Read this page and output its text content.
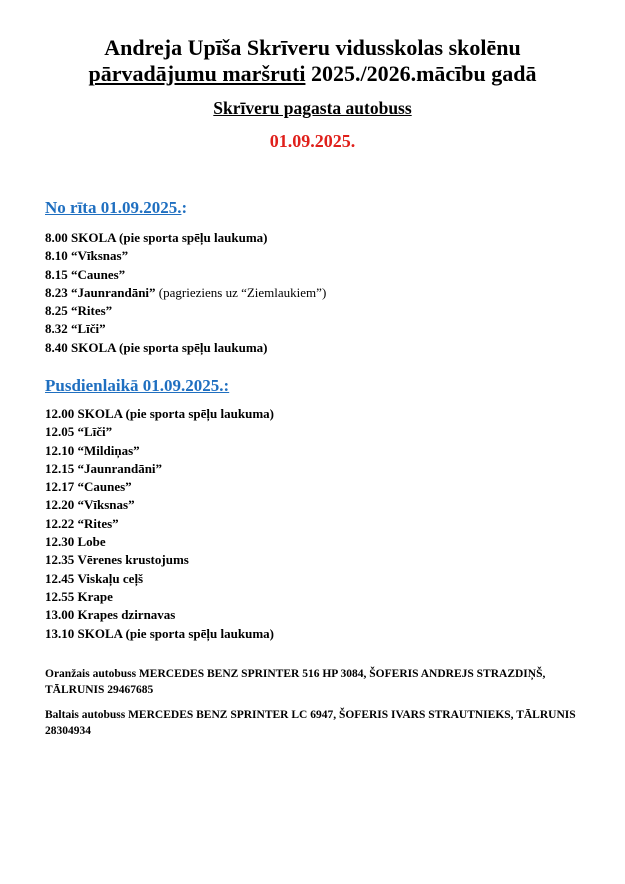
Andreja Upīša Skrīveru vidusskolas skolēnu
pārvadājumu maršruti 2025./2026.mācību gadā
Skrīveru pagasta autobuss
01.09.2025.
No rīta 01.09.2025.:
8.00 SKOLA (pie sporta spēļu laukuma)
8.10 “Vīksnas”
8.15 “Caunes”
8.23 “Jaunrandāni” (pagrieziens uz “Ziemlaukiem”)
8.25 “Rites”
8.32 “Līči”
8.40 SKOLA (pie sporta spēļu laukuma)
Pusdienlaikā 01.09.2025.:
12.00 SKOLA (pie sporta spēļu laukuma)
12.05 “Līči”
12.10 “Mildiņas”
12.15 “Jaunrandāni”
12.17 “Caunes”
12.20 “Vīksnas”
12.22 “Rites”
12.30 Lobe
12.35 Vērenes krustojums
12.45 Viskaļu ceļš
12.55 Krape
13.00 Krapes dzirnavas
13.10 SKOLA (pie sporta spēļu laukuma)
Oranžais autobuss MERCEDES BENZ SPRINTER 516 HP 3084, ŠOFERIS ANDREJS STRAZDIŅŠ, TĀLRUNIS 29467685
Baltais autobuss MERCEDES BENZ SPRINTER LC 6947, ŠOFERIS IVARS STRAUTNIEKS, TĀLRUNIS 28304934
